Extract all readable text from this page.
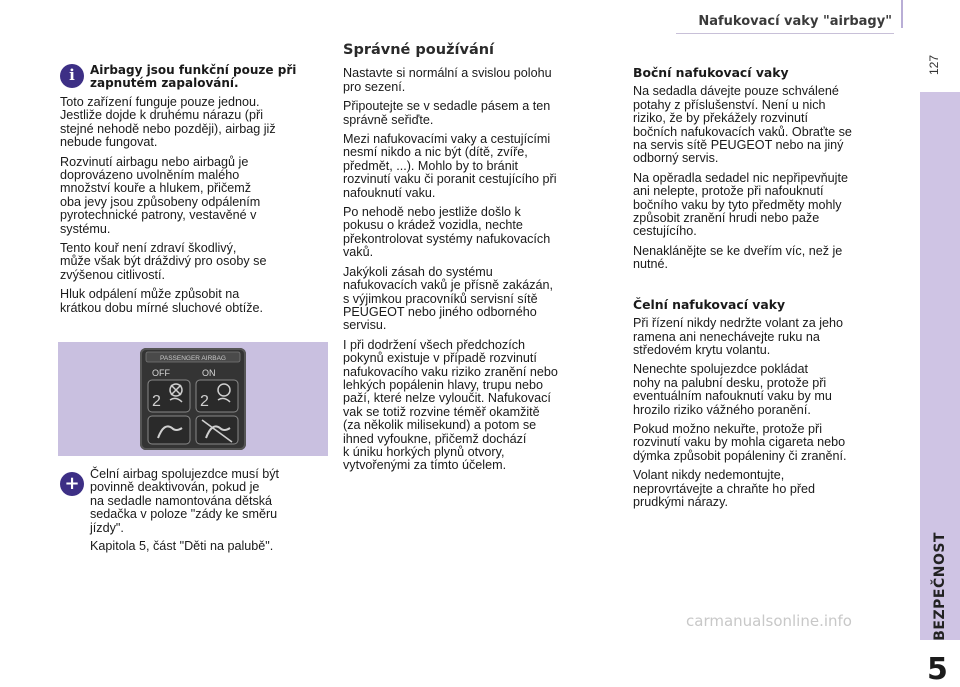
Nafukovací vaky "airbagy"
127
BEZPEČNOST
5
i	Airbagy jsou funkční pouze při
zapnutém zapalování.

Toto zařízení funguje pouze jednou.
Jestliže dojde k druhému nárazu (při
stejné nehodě nebo později), airbag již
nebude fungovat.

Rozvinutí airbagu nebo airbagů je
doprovázeno uvolněním malého
množství kouře a hlukem, přičemž
oba jevy jsou způsobeny odpálením
pyrotechnické patrony, vestavěné v
systému.

Tento kouř není zdraví škodlivý,
může však být dráždivý pro osoby se
zvýšenou citlivostí.

Hluk odpálení může způsobit na
krátkou dobu mírné sluchové obtíže.

PASSENGER AIRBAG
OFF	ON
2 2
+ Čelní airbag spolujezdce musí být
povinně deaktivován, pokud je
na sedadle namontována dětská
sedačka v poloze "zády ke směru
jízdy".

Kapitola 5, část "Děti na palubě".

Správné používání

Nastavte si normální a svislou polohu
pro sezení.

Připoutejte se v sedadle pásem a ten
správně seřiďte.

Mezi nafukovacími vaky a cestujícími
nesmí nikdo a nic být (dítě, zvíře,
předmět, ...). Mohlo by to bránit
rozvinutí vaku či poranit cestujícího při
nafouknutí vaku.

Po nehodě nebo jestliže došlo k
pokusu o krádež vozidla, nechte
překontrolovat systémy nafukovacích
vaků.

Jakýkoli zásah do systému
nafukovacích vaků je přísně zakázán,
s výjimkou pracovníků servisní sítě
PEUGEOT nebo jiného odborného
servisu.

I při dodržení všech předchozích
pokynů existuje v případě rozvinutí
nafukovacího vaku riziko zranění nebo
lehkých popálenin hlavy, trupu nebo
paží, které nelze vyloučit. Nafukovací
vak se totiž rozvine téměř okamžitě
(za několik milisekund) a potom se
ihned vyfoukne, přičemž dochází
k úniku horkých plynů otvory,
vytvořenými za tímto účelem.

Boční nafukovací vaky

Na sedadla dávejte pouze schválené
potahy z příslušenství. Není u nich
riziko, že by překážely rozvinutí
bočních nafukovacích vaků. Obraťte se
na servis sítě PEUGEOT nebo na jiný
odborný servis.

Na opěradla sedadel nic nepřipevňujte
ani nelepte, protože při nafouknutí
bočního vaku by tyto předměty mohly
způsobit zranění hrudi nebo paže
cestujícího.

Nenaklánějte se ke dveřím víc, než je
nutné.

Čelní nafukovací vaky

Při řízení nikdy nedržte volant za jeho
ramena ani nenechávejte ruku na
středovém krytu volantu.

Nenechte spolujezdce pokládat
nohy na palubní desku, protože při
eventuálním nafouknutí vaku by mu
hrozilo riziko vážného poranění.

Pokud možno nekuřte, protože při
rozvinutí vaku by mohla cigareta nebo
dýmka způsobit popáleniny či zranění.

Volant nikdy nedemontujte,
neprovrtávejte a chraňte ho před
prudkými nárazy.

carmanualsonline.info
